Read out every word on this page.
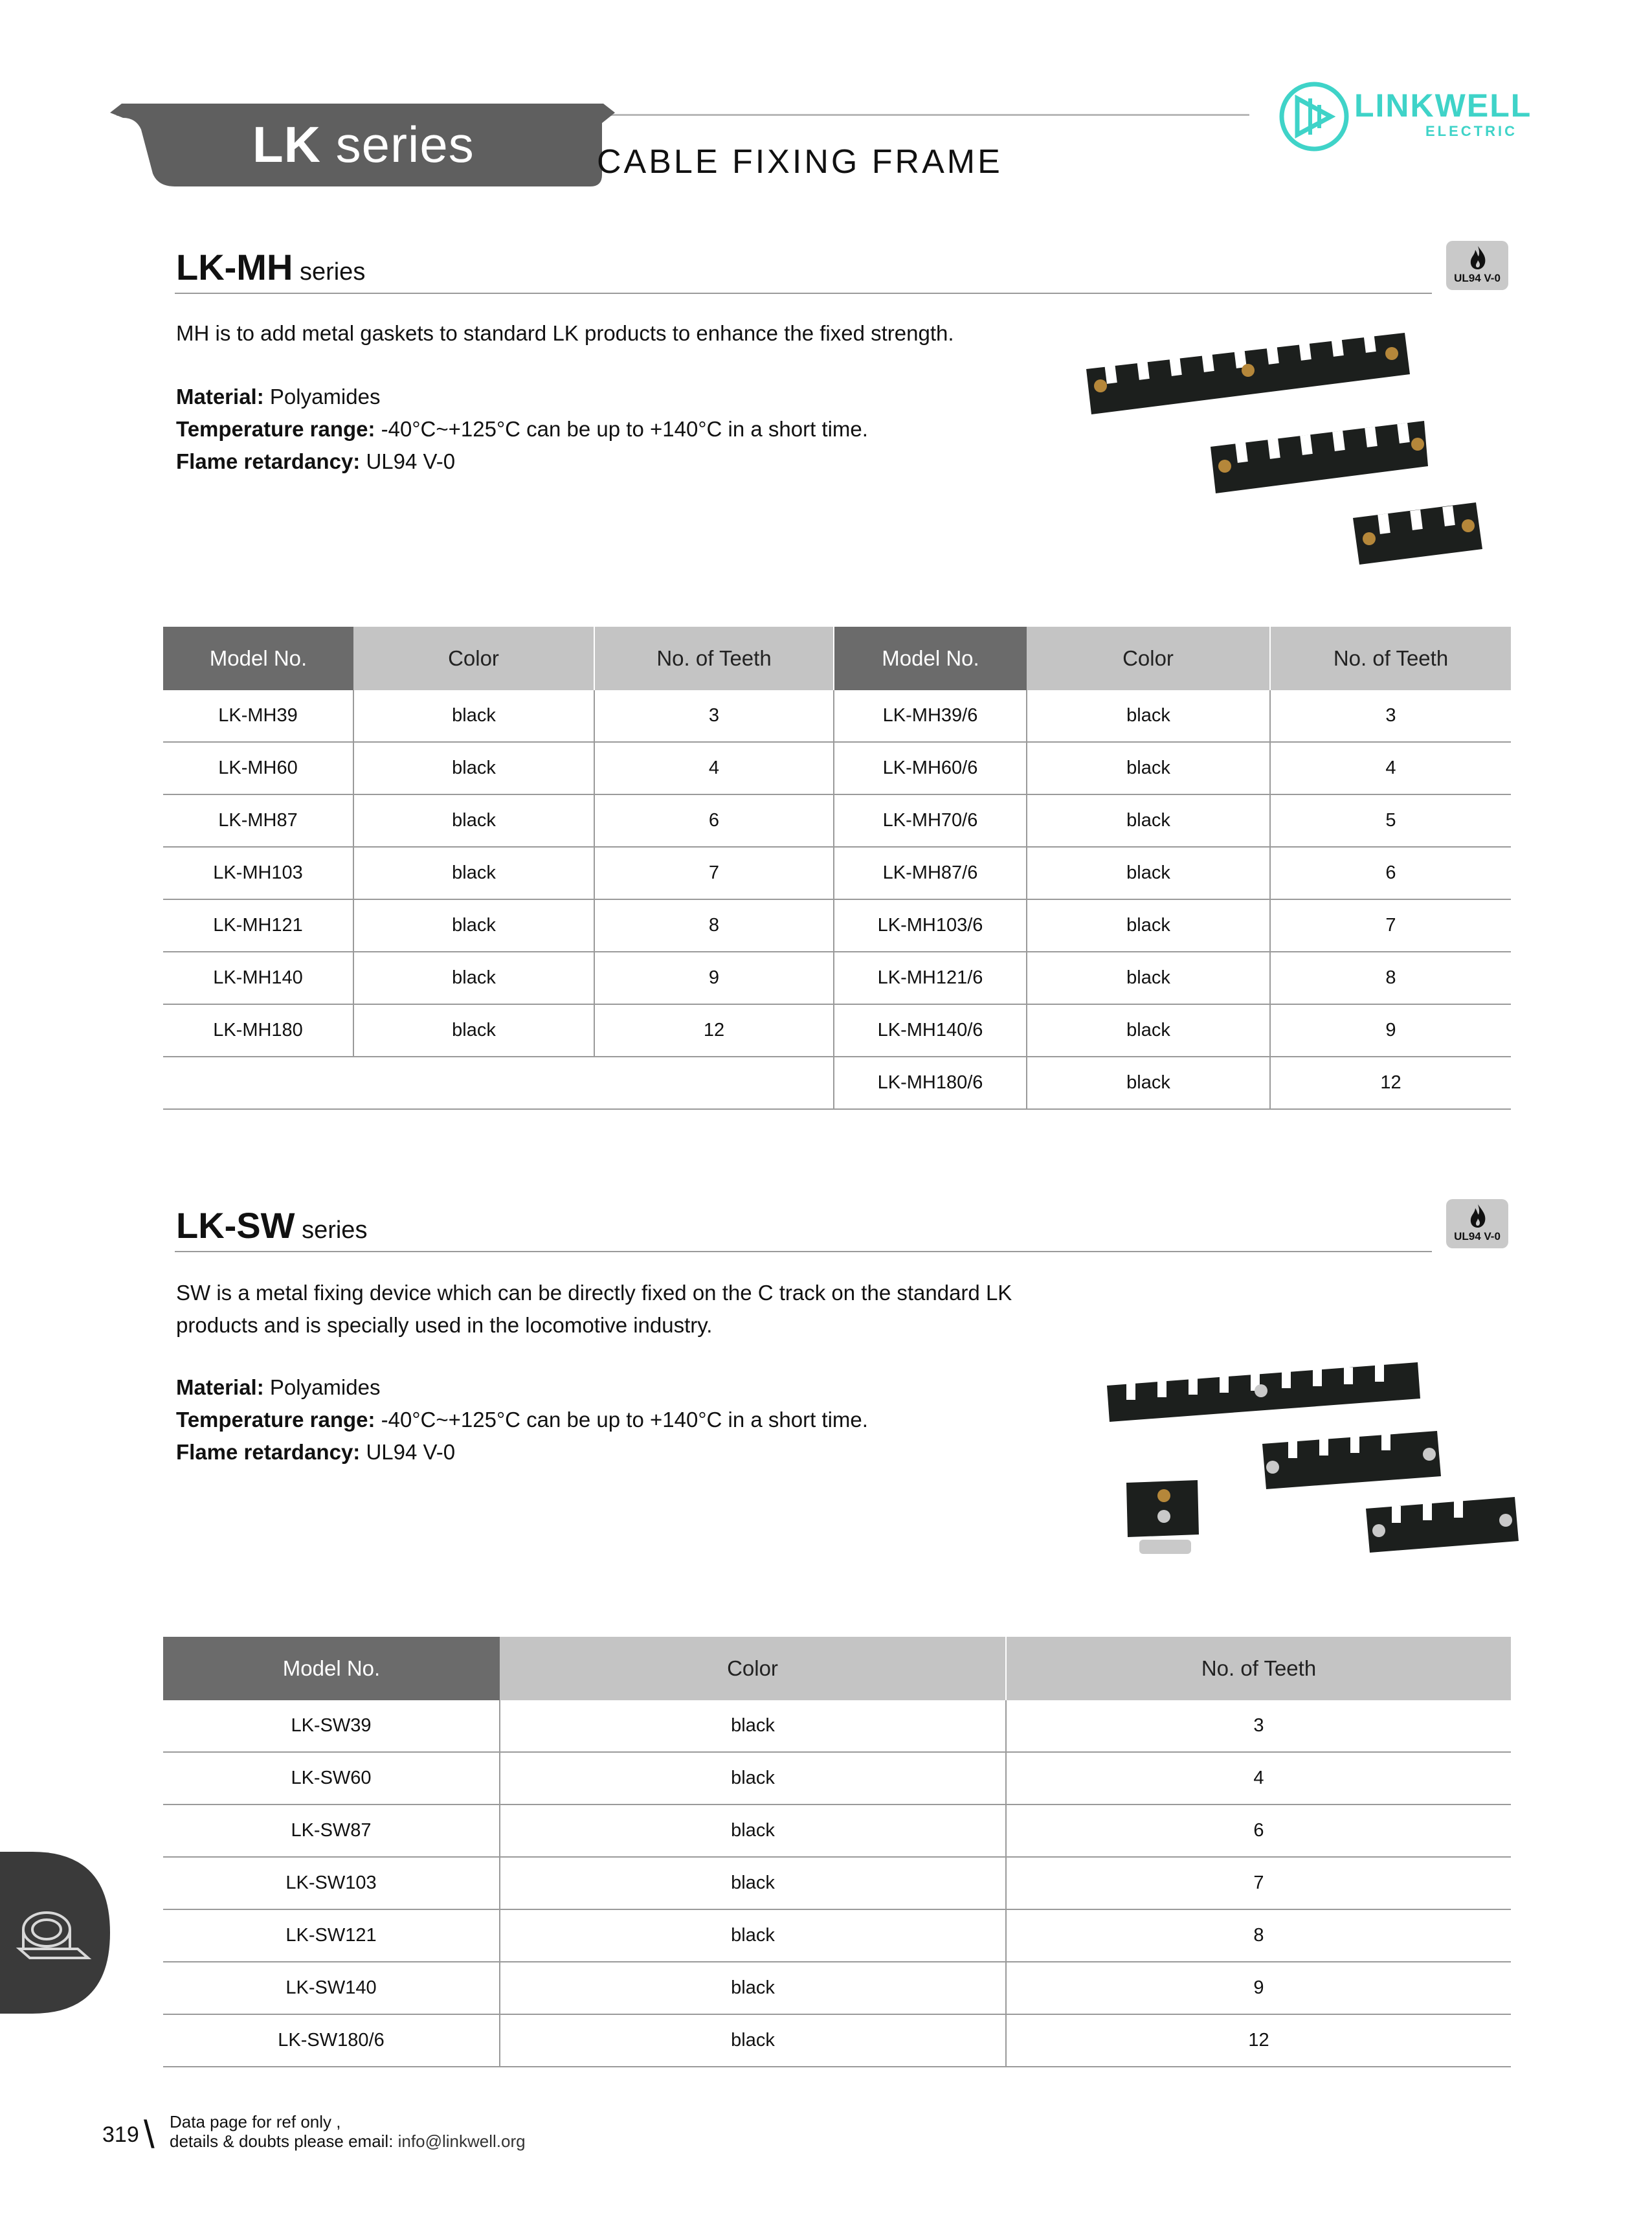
LK series	CABLE FIXING FRAME
LINKWELL
ELECTRIC
LK-MH series	UL94 V-0
MH is to add metal gaskets to standard LK products to enhance the fixed strength.
Material: Polyamides
Temperature range: -40°C~+125°C can be up to +140°C in a short time.
Flame retardancy: UL94 V-0
Model No.	Color	No. of Teeth	Model No.	Color	No. of Teeth
LK-MH39	black	3	LK-MH39/6	black	3
LK-MH60	black	4	LK-MH60/6	black	4
LK-MH87	black	6	LK-MH70/6	black	5
LK-MH103	black	7	LK-MH87/6	black	6
LK-MH121	black	8	LK-MH103/6	black	7
LK-MH140	black	9	LK-MH121/6	black	8
LK-MH180	black	12	LK-MH140/6	black	9
			LK-MH180/6	black	12
LK-SW series	UL94 V-0
SW is a metal fixing device which can be directly fixed on the C track on the standard LK
products and is specially used in the locomotive industry.
Material: Polyamides
Temperature range: -40°C~+125°C can be up to +140°C in a short time.
Flame retardancy: UL94 V-0
Model No.	Color	No. of Teeth
LK-SW39	black	3
LK-SW60	black	4
LK-SW87	black	6
LK-SW103	black	7
LK-SW121	black	8
LK-SW140	black	9
LK-SW180/6	black	12
319 \ Data page for ref only ,
details & doubts please email: info@linkwell.org
